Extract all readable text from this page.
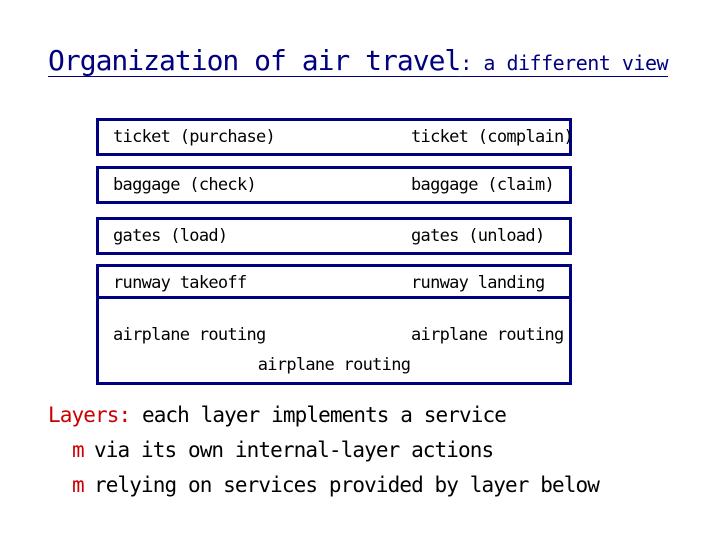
Organization of air travel: a different view
ticket (purchase)	ticket (complain)
baggage (check)	baggage (claim)
gates (load)	gates (unload)
runway takeoff	runway landing
airplane routing	airplane routing
airplane routing
Layers: each layer implements a service
m via its own internal-layer actions
m relying on services provided by layer below
